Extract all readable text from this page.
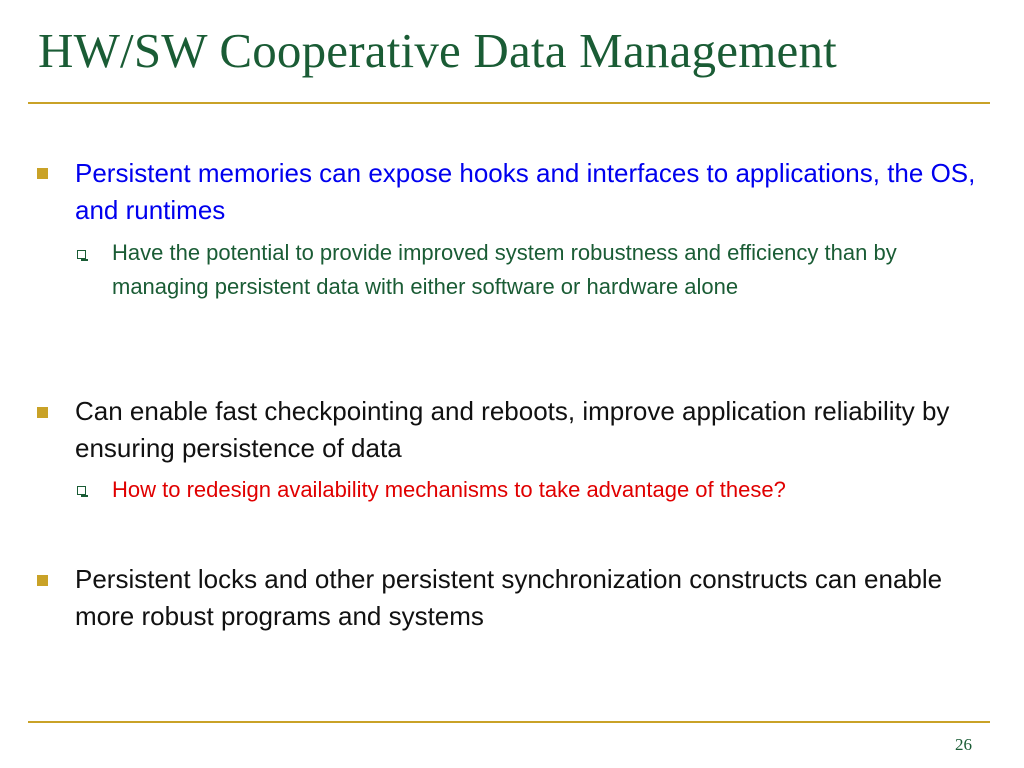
HW/SW Cooperative Data Management
Persistent memories can expose hooks and interfaces to applications, the OS, and runtimes
Have the potential to provide improved system robustness and efficiency than by managing persistent data with either software or hardware alone
Can enable fast checkpointing and reboots, improve application reliability by ensuring persistence of data
How to redesign availability mechanisms to take advantage of these?
Persistent locks and other persistent synchronization constructs can enable more robust programs and systems
26
